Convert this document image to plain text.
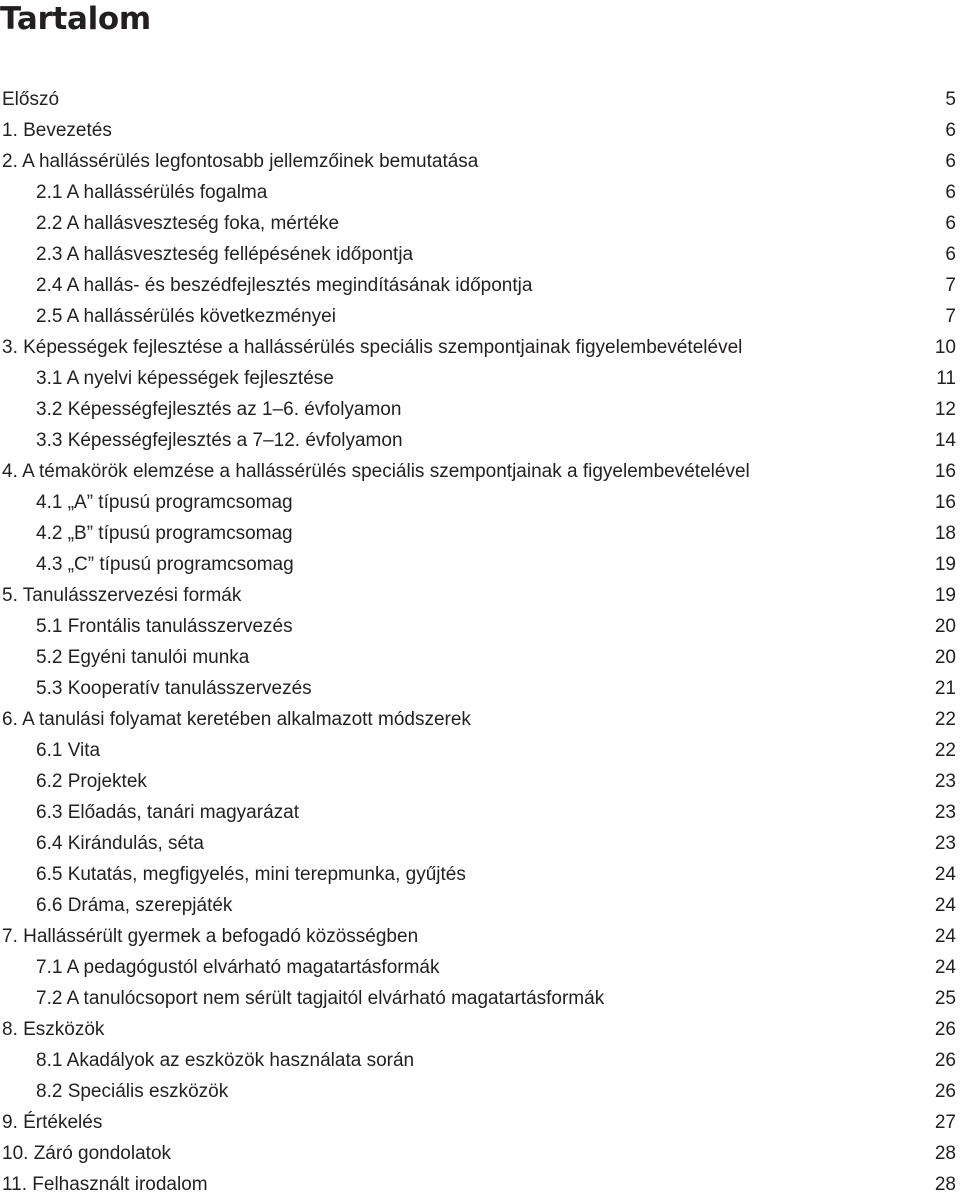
Tartalom
Előszó	5
1. Bevezetés	6
2. A hallássérülés legfontosabb jellemzőinek bemutatása	6
2.1 A hallássérülés fogalma	6
2.2 A hallásveszteség foka, mértéke	6
2.3 A hallásveszteség fellépésének időpontja	6
2.4 A hallás- és beszédfejlesztés megindításának időpontja	7
2.5 A hallássérülés következményei	7
3. Képességek fejlesztése a hallássérülés speciális szempontjainak figyelembevételével	10
3.1 A nyelvi képességek fejlesztése	11
3.2 Képességfejlesztés az 1–6. évfolyamon	12
3.3 Képességfejlesztés a 7–12. évfolyamon	14
4. A témakörök elemzése a hallássérülés speciális szempontjainak a figyelembevételével	16
4.1 „A” típusú programcsomag	16
4.2 „B” típusú programcsomag	18
4.3 „C” típusú programcsomag	19
5. Tanulásszervezési formák	19
5.1 Frontális tanulásszervezés	20
5.2 Egyéni tanulói munka	20
5.3 Kooperatív tanulásszervezés	21
6. A tanulási folyamat keretében alkalmazott módszerek	22
6.1 Vita	22
6.2 Projektek	23
6.3 Előadás, tanári magyarázat	23
6.4 Kirándulás, séta	23
6.5 Kutatás, megfigyelés, mini terepmunka, gyűjtés	24
6.6 Dráma, szerepjáték	24
7. Hallássérült gyermek a befogadó közösségben	24
7.1 A pedagógustól elvárható magatartásformák	24
7.2 A tanulócsoport nem sérült tagjaitól elvárható magatartásformák	25
8. Eszközök	26
8.1 Akadályok az eszközök használata során	26
8.2 Speciális eszközök	26
9. Értékelés	27
10. Záró gondolatok	28
11. Felhasznált irodalom	28
